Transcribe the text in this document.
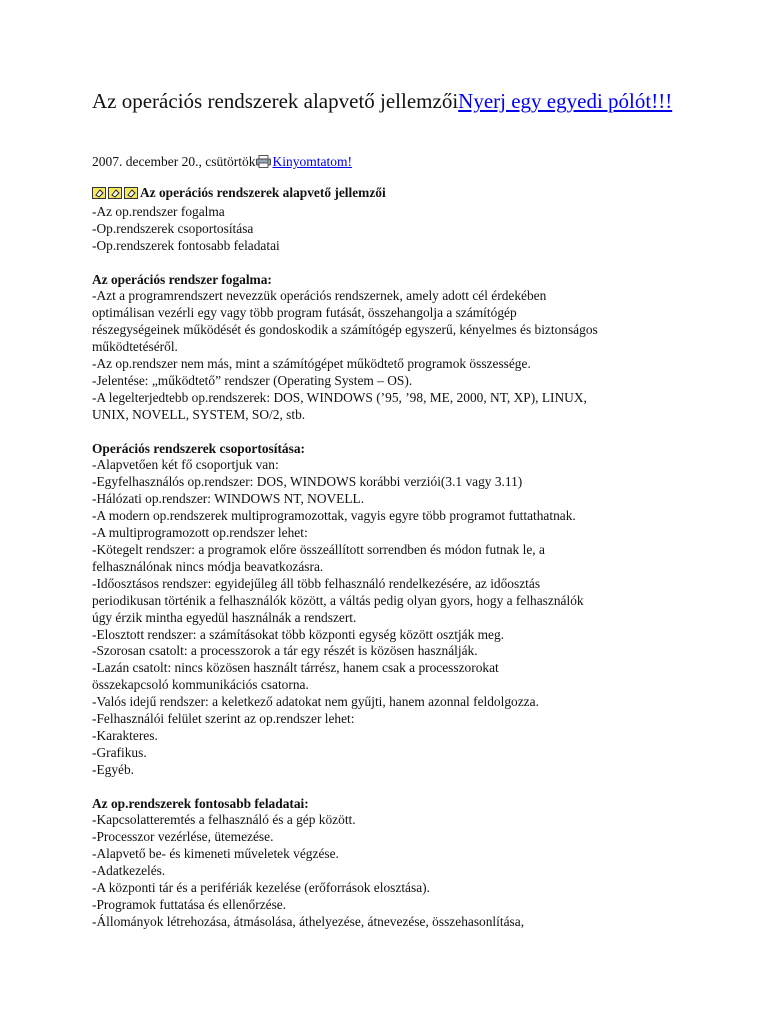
Az operációs rendszerek alapvető jellemzőiNyerj egy egyedi pólót!!!
2007. december 20., csütörtök Kinyomtatom!
Az operációs rendszerek alapvető jellemzői
-Az op.rendszer fogalma
-Op.rendszerek csoportosítása
-Op.rendszerek fontosabb feladatai
Az operációs rendszer fogalma:
-Azt a programrendszert nevezzük operációs rendszernek, amely adott cél érdekében
optimálisan vezérli egy vagy több program futását, összehangolja a számítógép
részegységeinek működését és gondoskodik a számítógép egyszerű, kényelmes és biztonságos
működtetéséről.
-Az op.rendszer nem más, mint a számítógépet működtető programok összessége.
-Jelentése: „működtető” rendszer (Operating System – OS).
-A legelterjedtebb op.rendszerek: DOS, WINDOWS (’95, ’98, ME, 2000, NT, XP), LINUX,
UNIX, NOVELL, SYSTEM, SO/2, stb.
Operációs rendszerek csoportosítása:
-Alapvetően két fő csoportjuk van:
-Egyfelhasználós op.rendszer: DOS, WINDOWS korábbi verziói(3.1 vagy 3.11)
-Hálózati op.rendszer: WINDOWS NT, NOVELL.
-A modern op.rendszerek multiprogramozottak, vagyis egyre több programot futtathatnak.
-A multiprogramozott op.rendszer lehet:
-Kötegelt rendszer: a programok előre összeállított sorrendben és módon futnak le, a
felhasználónak nincs módja beavatkozásra.
-Időosztásos rendszer: egyidejűleg áll több felhasználó rendelkezésére, az időosztás
periodikusan történik a felhasználók között, a váltás pedig olyan gyors, hogy a felhasználók
úgy érzik mintha egyedül használnák a rendszert.
-Elosztott rendszer: a számításokat több központi egység között osztják meg.
-Szorosan csatolt: a processzorok a tár egy részét is közösen használják.
-Lazán csatolt: nincs közösen használt tárrész, hanem csak a processzorokat
összekapcsoló kommunikációs csatorna.
-Valós idejű rendszer: a keletkező adatokat nem gyűjti, hanem azonnal feldolgozza.
-Felhasználói felület szerint az op.rendszer lehet:
-Karakteres.
-Grafikus.
-Egyéb.
Az op.rendszerek fontosabb feladatai:
-Kapcsolatteremtés a felhasználó és a gép között.
-Processzor vezérlése, ütemezése.
-Alapvető be- és kimeneti műveletek végzése.
-Adatkezelés.
-A központi tár és a perifériák kezelése (erőforrások elosztása).
-Programok futtatása és ellenőrzése.
-Állományok létrehozása, átmásolása, áthelyezése, átnevezése, összehasonlítása,
